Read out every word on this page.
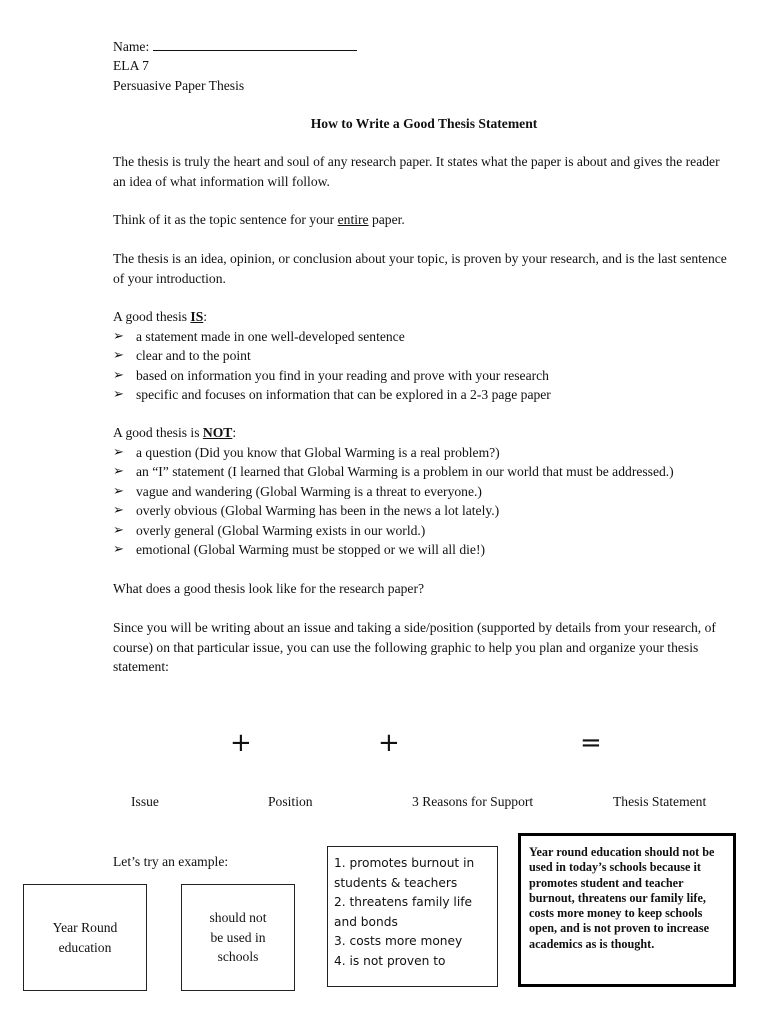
Name:
ELA 7
Persuasive Paper Thesis
How to Write a Good Thesis Statement
The thesis is truly the heart and soul of any research paper. It states what the paper is about and gives the reader an idea of what information will follow.
Think of it as the topic sentence for your entire paper.
The thesis is an idea, opinion, or conclusion about your topic, is proven by your research, and is the last sentence of your introduction.
A good thesis IS:
➢ a statement made in one well-developed sentence
➢ clear and to the point
➢ based on information you find in your reading and prove with your research
➢ specific and focuses on information that can be explored in a 2-3 page paper
A good thesis is NOT:
➢ a question (Did you know that Global Warming is a real problem?)
➢ an “I” statement (I learned that Global Warming is a problem in our world that must be addressed.)
➢ vague and wandering (Global Warming is a threat to everyone.)
➢ overly obvious (Global Warming has been in the news a lot lately.)
➢ overly general (Global Warming exists in our world.)
➢ emotional (Global Warming must be stopped or we will all die!)
What does a good thesis look like for the research paper?
Since you will be writing about an issue and taking a side/position (supported by details from your research, of course) on that particular issue, you can use the following graphic to help you plan and organize your thesis statement:
+	+	=
Issue	Position	3 Reasons for Support	Thesis Statement
Let’s try an example:
Year Round
education
should not
be used in
schools
1. promotes burnout in
students & teachers
2. threatens family life
and bonds
3. costs more money
4. is not proven to
Year round education should not be used in today’s schools because it promotes student and teacher burnout, threatens our family life, costs more money to keep schools open, and is not proven to increase academics as is thought.
